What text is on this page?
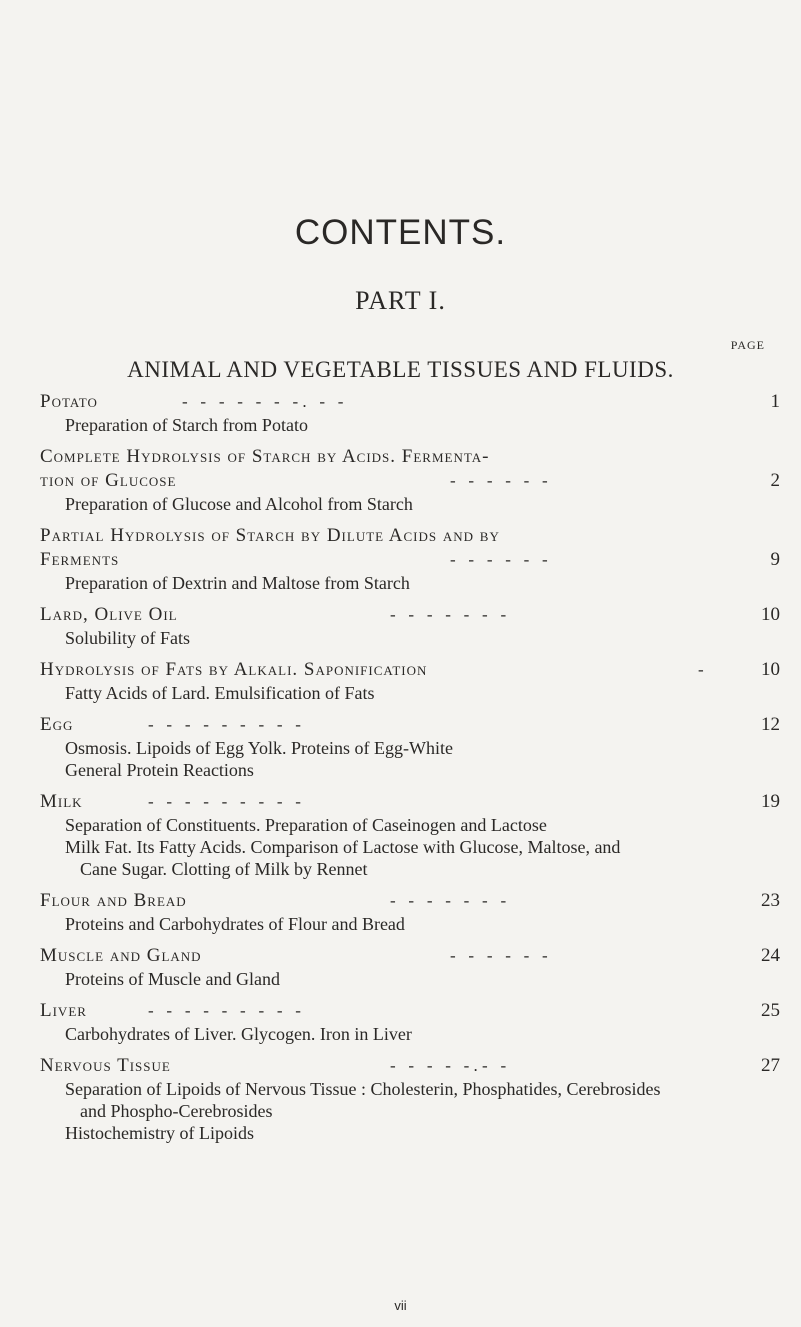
CONTENTS.
PART I.
PAGE
ANIMAL AND VEGETABLE TISSUES AND FLUIDS.
Potato	-   -   -   -   -   -   - .   -   -	1
Preparation of Starch from Potato
Complete Hydrolysis of Starch by Acids. Fermenta-
tion of Glucose	-   -   -   -   -   -	2
Preparation of Glucose and Alcohol from Starch
Partial Hydrolysis of Starch by Dilute Acids and by
Ferments	-   -   -   -   -   -	9
Preparation of Dextrin and Maltose from Starch
Lard, Olive Oil	-   -   -   -   -   -   -	10
Solubility of Fats
Hydrolysis of Fats by Alkali. Saponification	-	10
Fatty Acids of Lard. Emulsification of Fats
Egg	-   -   -   -   -   -   -   -   -	12
Osmosis. Lipoids of Egg Yolk. Proteins of Egg-White
General Protein Reactions
Milk	-   -   -   -   -   -   -   -   -	19
Separation of Constituents. Preparation of Caseinogen and Lactose
Milk Fat. Its Fatty Acids. Comparison of Lactose with Glucose, Maltose, and Cane Sugar. Clotting of Milk by Rennet
Flour and Bread	-   -   -   -   -   -   -	23
Proteins and Carbohydrates of Flour and Bread
Muscle and Gland	-   -   -   -   -   -	24
Proteins of Muscle and Gland
Liver	-   -   -   -   -   -   -   -   -	25
Carbohydrates of Liver. Glycogen. Iron in Liver
Nervous Tissue	-   -   -   -   - . -   -	27
Separation of Lipoids of Nervous Tissue : Cholesterin, Phosphatides, Cerebrosides and Phospho-Cerebrosides
Histochemistry of Lipoids
vii
